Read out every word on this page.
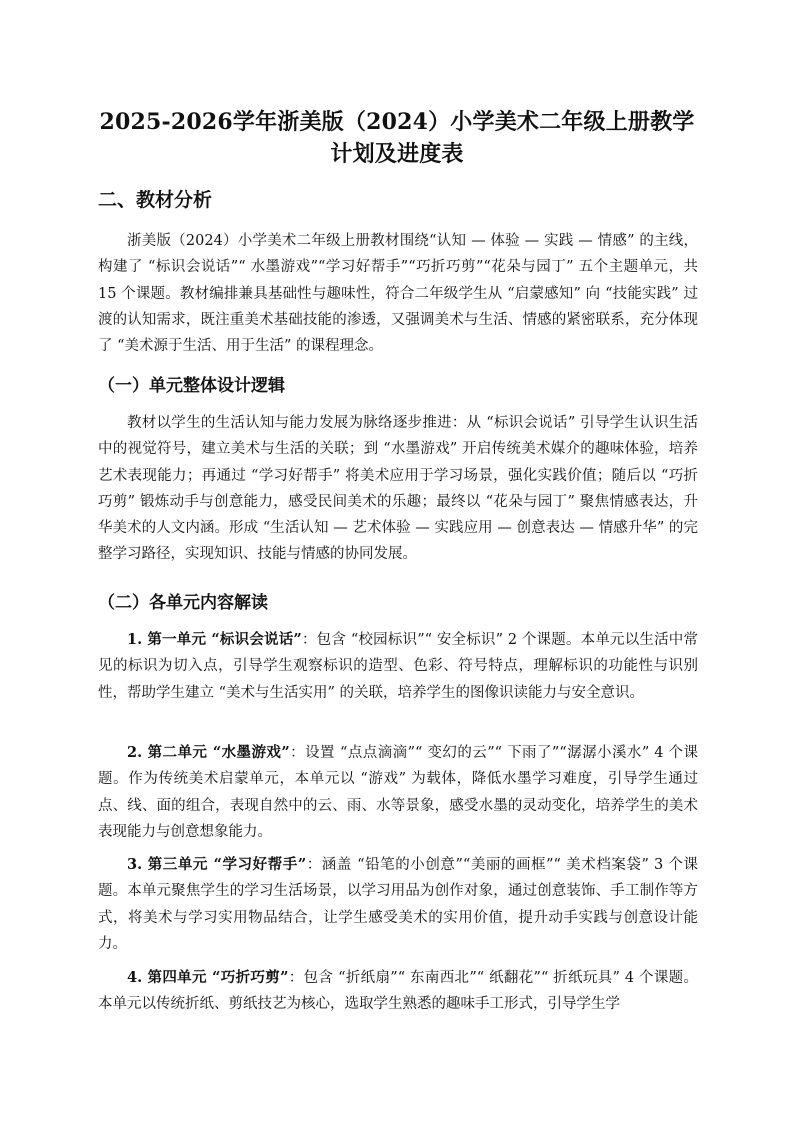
2025-2026学年浙美版（2024）小学美术二年级上册教学
计划及进度表
二、教材分析

浙美版（2024）小学美术二年级上册教材围绕“认知 — 体验 — 实践 — 情感” 的主线，构建了 “标识会说话”“ 水墨游戏”“学习好帮手”“巧折巧剪”“花朵与园丁” 五个主题单元，共 15 个课题。教材编排兼具基础性与趣味性，符合二年级学生从 “启蒙感知” 向 “技能实践” 过渡的认知需求，既注重美术基础技能的渗透，又强调美术与生活、情感的紧密联系，充分体现了 “美术源于生活、用于生活” 的课程理念。

（一）单元整体设计逻辑

教材以学生的生活认知与能力发展为脉络逐步推进：从 “标识会说话” 引导学生认识生活中的视觉符号，建立美术与生活的关联；到 “水墨游戏” 开启传统美术媒介的趣味体验，培养艺术表现能力；再通过 “学习好帮手” 将美术应用于学习场景，强化实践价值；随后以 “巧折巧剪” 锻炼动手与创意能力，感受民间美术的乐趣；最终以 “花朵与园丁” 聚焦情感表达，升华美术的人文内涵。形成 “生活认知 — 艺术体验 — 实践应用 — 创意表达 — 情感升华” 的完整学习路径，实现知识、技能与情感的协同发展。

（二）各单元内容解读

1. 第一单元 “标识会说话”：包含 “校园标识”“ 安全标识” 2 个课题。本单元以生活中常见的标识为切入点，引导学生观察标识的造型、色彩、符号特点，理解标识的功能性与识别性，帮助学生建立 “美术与生活实用” 的关联，培养学生的图像识读能力与安全意识。

2. 第二单元 “水墨游戏”：设置 “点点滴滴”“ 变幻的云”“ 下雨了”“潺潺小溪水” 4 个课题。作为传统美术启蒙单元，本单元以 “游戏” 为载体，降低水墨学习难度，引导学生通过点、线、面的组合，表现自然中的云、雨、水等景象，感受水墨的灵动变化，培养学生的美术表现能力与创意想象能力。

3. 第三单元 “学习好帮手”：涵盖 “铅笔的小创意”“美丽的画框”“ 美术档案袋” 3 个课题。本单元聚焦学生的学习生活场景，以学习用品为创作对象，通过创意装饰、手工制作等方式，将美术与学习实用物品结合，让学生感受美术的实用价值，提升动手实践与创意设计能力。

4. 第四单元 “巧折巧剪”：包含 “折纸扇”“ 东南西北”“ 纸翻花”“ 折纸玩具” 4 个课题。本单元以传统折纸、剪纸技艺为核心，选取学生熟悉的趣味手工形式，引导学生学
